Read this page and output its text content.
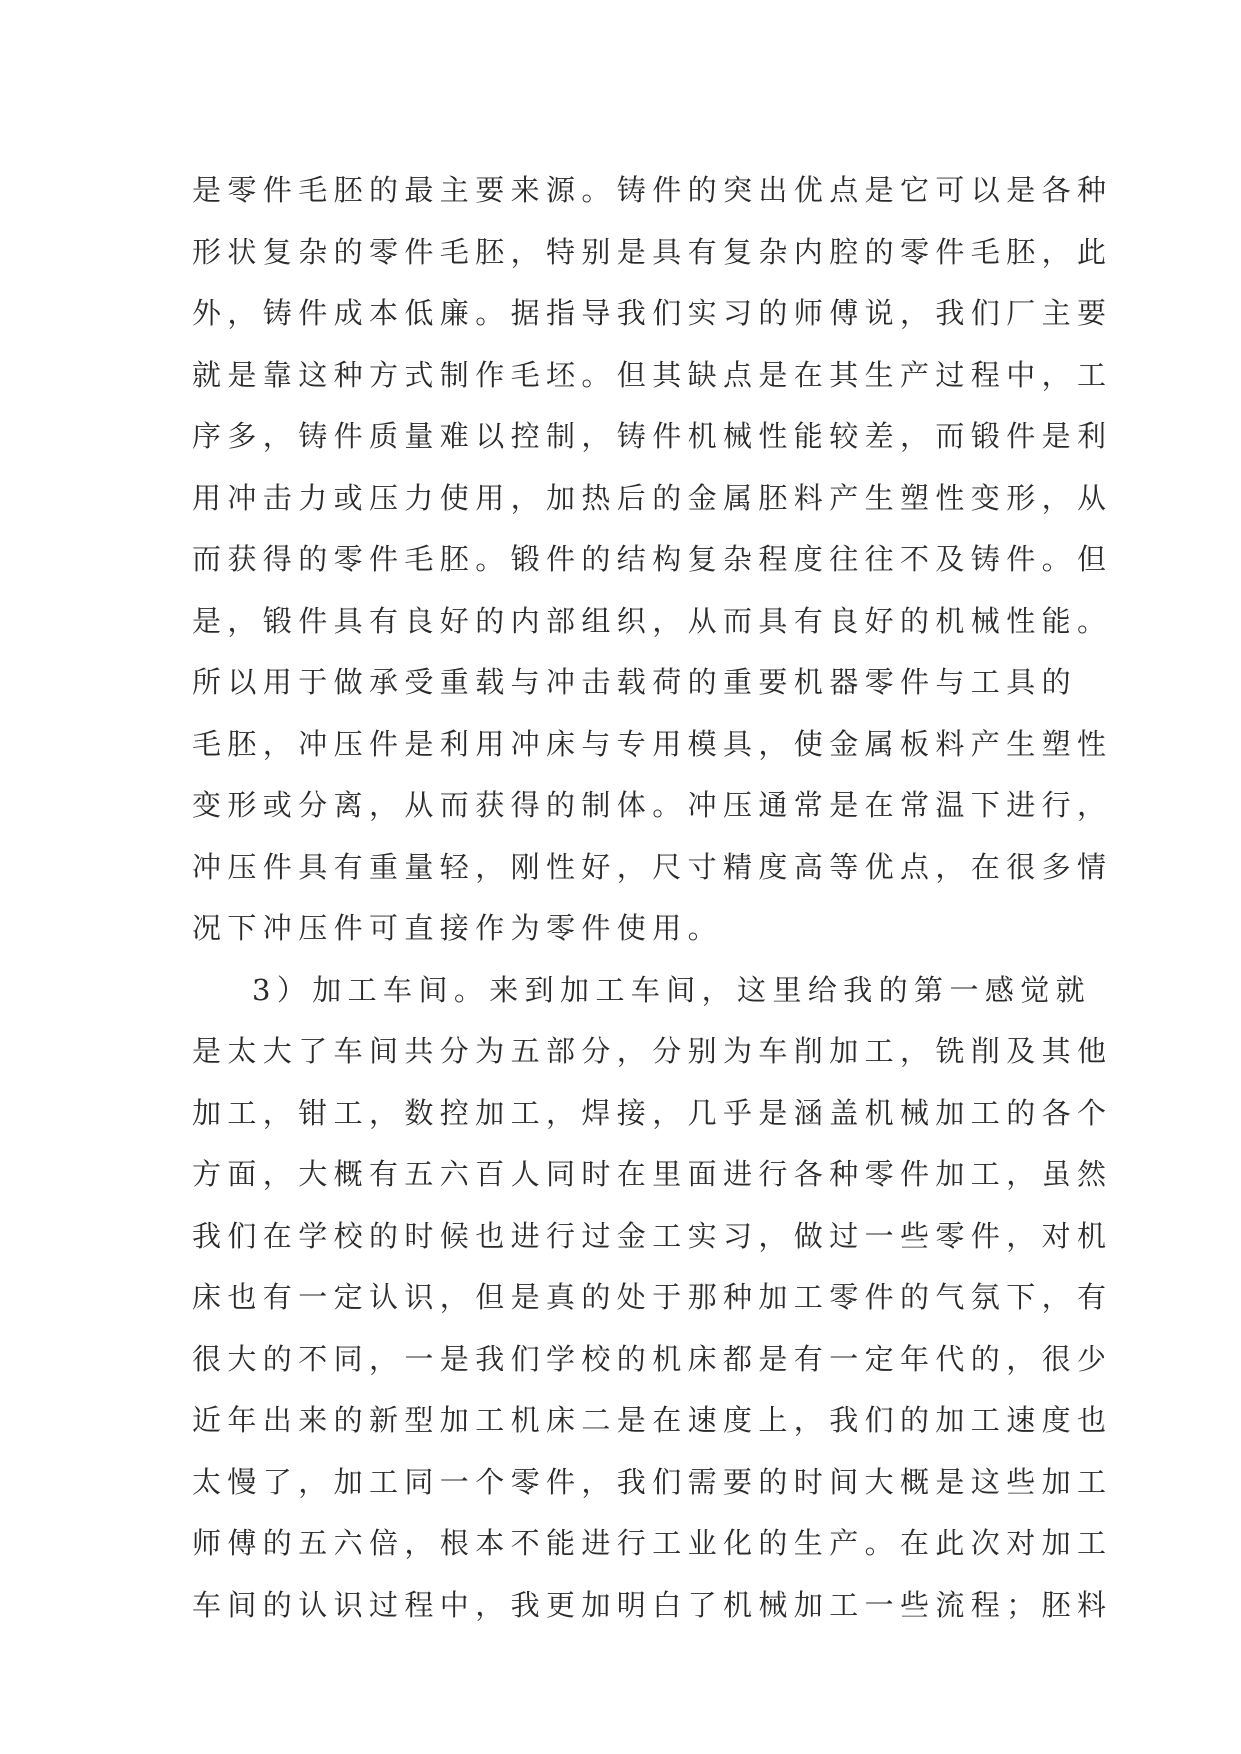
是零件毛胚的最主要来源。铸件的突出优点是它可以是各种
形状复杂的零件毛胚，特别是具有复杂内腔的零件毛胚，此
外，铸件成本低廉。据指导我们实习的师傅说，我们厂主要
就是靠这种方式制作毛坯。但其缺点是在其生产过程中，工
序多，铸件质量难以控制，铸件机械性能较差，而锻件是利
用冲击力或压力使用，加热后的金属胚料产生塑性变形，从
而获得的零件毛胚。锻件的结构复杂程度往往不及铸件。但
是，锻件具有良好的内部组织，从而具有良好的机械性能。
所以用于做承受重载与冲击载荷的重要机器零件与工具的
毛胚，冲压件是利用冲床与专用模具，使金属板料产生塑性
变形或分离，从而获得的制体。冲压通常是在常温下进行，
冲压件具有重量轻，刚性好，尺寸精度高等优点，在很多情
况下冲压件可直接作为零件使用。
3）加工车间。来到加工车间，这里给我的第一感觉就
是太大了车间共分为五部分，分别为车削加工，铣削及其他
加工，钳工，数控加工，焊接，几乎是涵盖机械加工的各个
方面，大概有五六百人同时在里面进行各种零件加工，虽然
我们在学校的时候也进行过金工实习，做过一些零件，对机
床也有一定认识，但是真的处于那种加工零件的气氛下，有
很大的不同，一是我们学校的机床都是有一定年代的，很少
近年出来的新型加工机床二是在速度上，我们的加工速度也
太慢了，加工同一个零件，我们需要的时间大概是这些加工
师傅的五六倍，根本不能进行工业化的生产。在此次对加工
车间的认识过程中，我更加明白了机械加工一些流程；胚料
